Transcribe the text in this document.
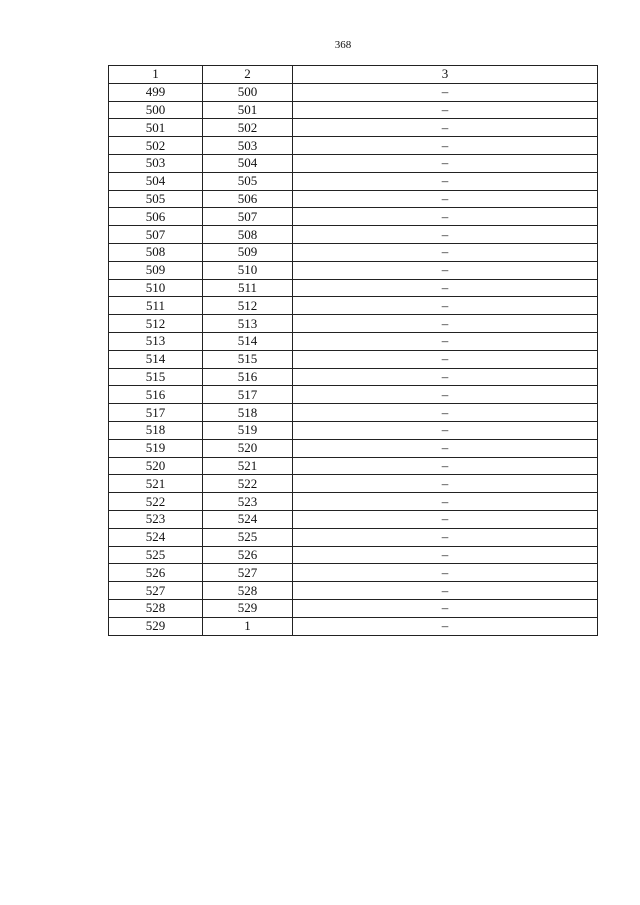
368
1	2	3
499	500	–
500	501	–
501	502	–
502	503	–
503	504	–
504	505	–
505	506	–
506	507	–
507	508	–
508	509	–
509	510	–
510	511	–
511	512	–
512	513	–
513	514	–
514	515	–
515	516	–
516	517	–
517	518	–
518	519	–
519	520	–
520	521	–
521	522	–
522	523	–
523	524	–
524	525	–
525	526	–
526	527	–
527	528	–
528	529	–
529	1	–
